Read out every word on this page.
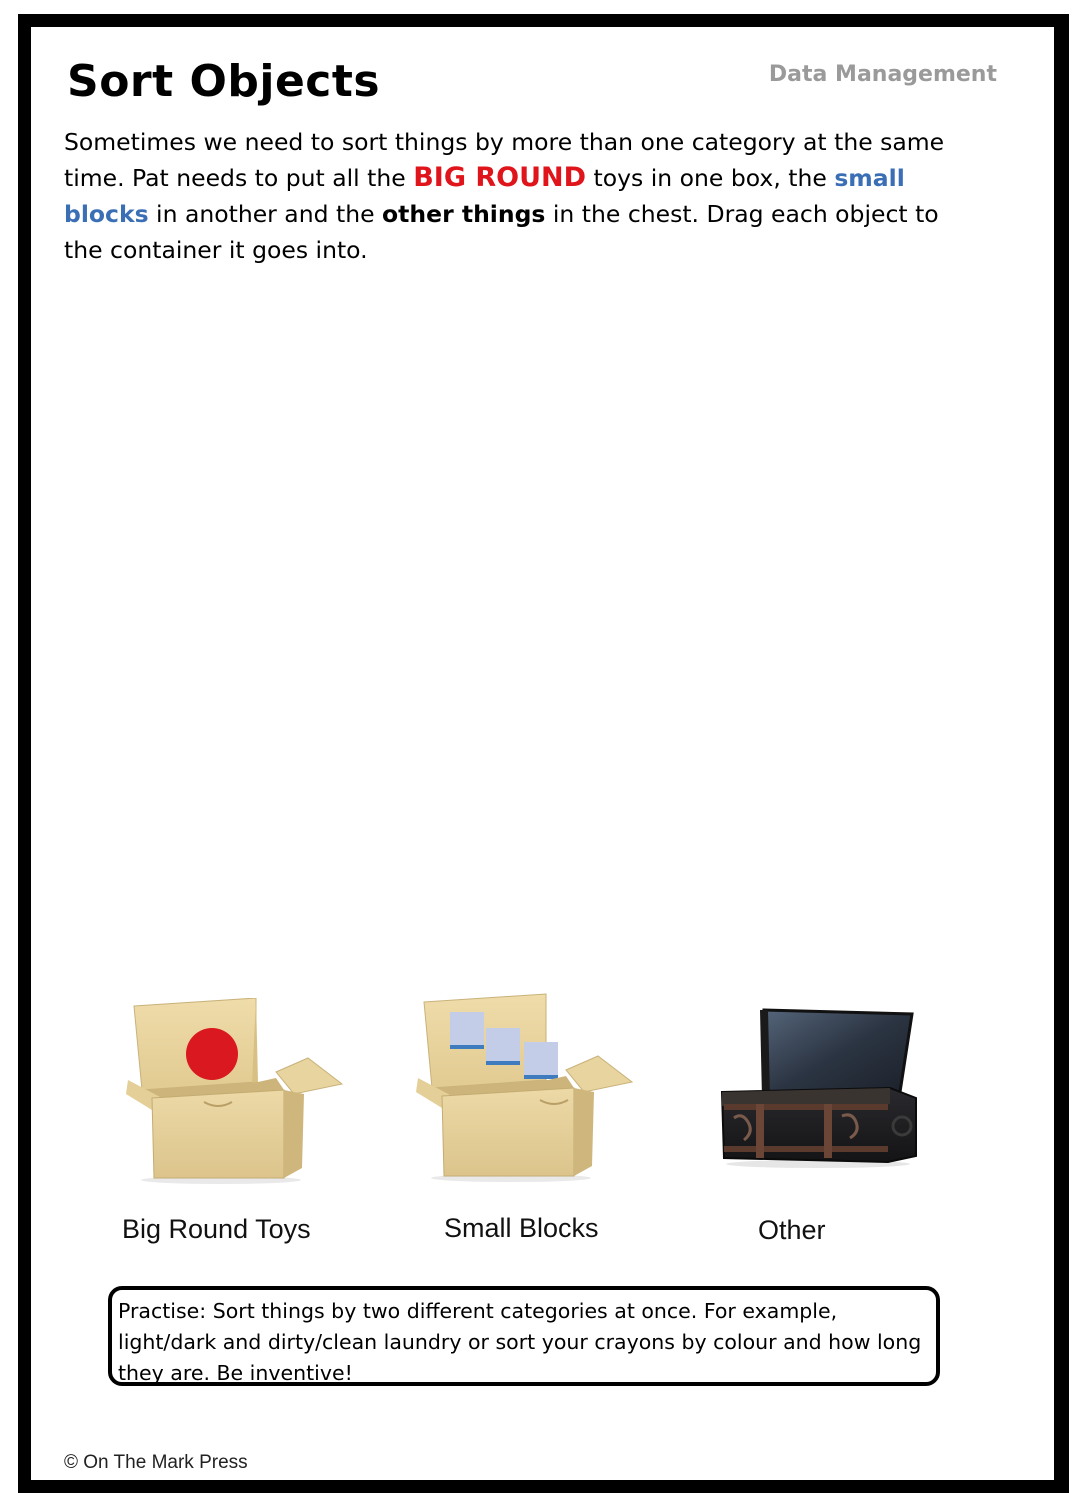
Sort Objects	Data Management
Sometimes we need to sort things by more than one category at the same time. Pat needs to put all the BIG ROUND toys in one box, the small blocks in another and the other things in the chest. Drag each object to the container it goes into.
Big Round Toys	Small Blocks	Other
Practise: Sort things by two different categories at once. For example, light/dark and dirty/clean laundry or sort your crayons by colour and how long they are. Be inventive!
© On The Mark Press
